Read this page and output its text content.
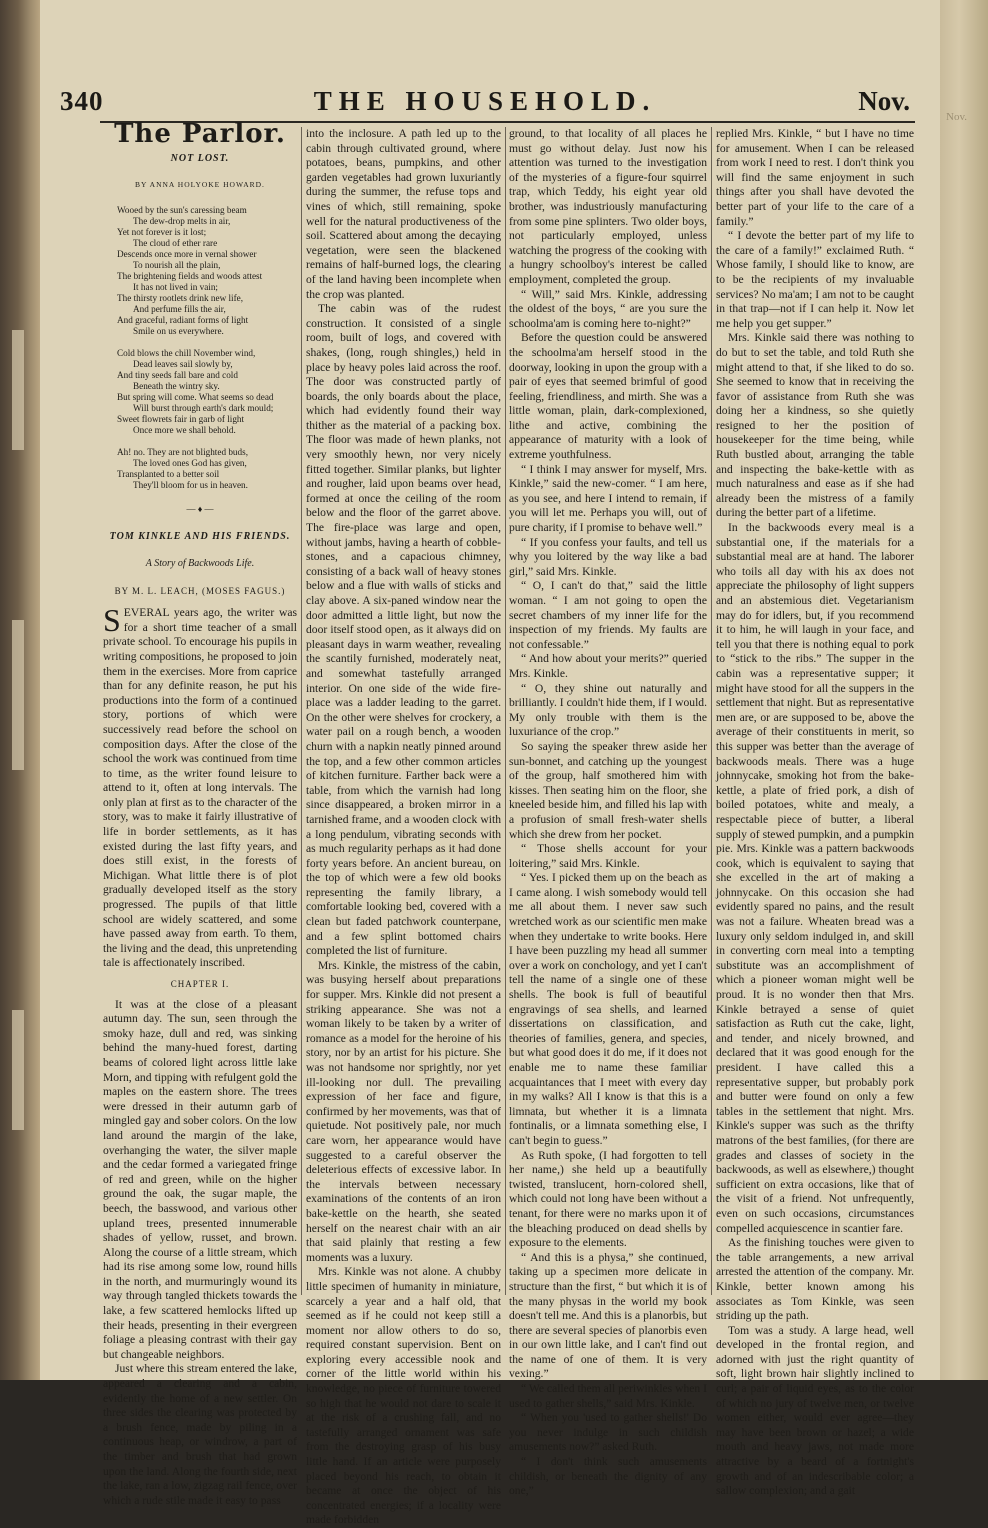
Nov.
340	THE HOUSEHOLD.	Nov.
The Parlor.
NOT LOST.
BY ANNA HOLYOKE HOWARD.
Wooed by the sun's caressing beam
The dew-drop melts in air,
Yet not forever is it lost;
The cloud of ether rare
Descends once more in vernal shower
To nourish all the plain,
The brightening fields and woods attest
It has not lived in vain;
The thirsty rootlets drink new life,
And perfume fills the air,
And graceful, radiant forms of light
Smile on us everywhere.
Cold blows the chill November wind,
Dead leaves sail slowly by,
And tiny seeds fall bare and cold
Beneath the wintry sky.
But spring will come. What seems so dead
Will burst through earth's dark mould;
Sweet flowrets fair in garb of light
Once more we shall behold.
Ah! no. They are not blighted buds,
The loved ones God has given,
Transplanted to a better soil
They'll bloom for us in heaven.
— ♦ —
TOM KINKLE AND HIS FRIENDS.
A Story of Backwoods Life.
BY M. L. LEACH, (MOSES FAGUS.)

SEVERAL years ago, the writer was for a short time teacher of a small private school. To encourage his pupils in writing compositions, he proposed to join them in the exercises. More from caprice than for any definite reason, he put his productions into the form of a continued story, portions of which were successively read before the school on composition days. After the close of the school the work was continued from time to time, as the writer found leisure to attend to it, often at long intervals. The only plan at first as to the character of the story, was to make it fairly illustrative of life in border settlements, as it has existed during the last fifty years, and does still exist, in the forests of Michigan. What little there is of plot gradually developed itself as the story progressed. The pupils of that little school are widely scattered, and some have passed away from earth. To them, the living and the dead, this unpretending tale is affectionately inscribed.

CHAPTER I.

It was at the close of a pleasant autumn day. The sun, seen through the smoky haze, dull and red, was sinking behind the many-hued forest, darting beams of colored light across little lake Morn, and tipping with refulgent gold the maples on the eastern shore. The trees were dressed in their autumn garb of mingled gay and sober colors. On the low land around the margin of the lake, overhanging the water, the silver maple and the cedar formed a variegated fringe of red and green, while on the higher ground the oak, the sugar maple, the beech, the basswood, and various other upland trees, presented innumerable shades of yellow, russet, and brown. Along the course of a little stream, which had its rise among some low, round hills in the north, and murmuringly wound its way through tangled thickets towards the lake, a few scattered hemlocks lifted up their heads, presenting in their evergreen foliage a pleasing contrast with their gay but changeable neighbors.

Just where this stream entered the lake, appeared a clearing and a cabin, evidently the home of a new settler. On three sides the clearing was protected by a brush fence, made by piling in a continuous heap, or windrow, a part of the timber and brush that had grown upon the land. Along the fourth side, next the lake, ran a low, zigzag rail fence, over which a rude stile made it easy to pass

into the inclosure. A path led up to the cabin through cultivated ground, where potatoes, beans, pumpkins, and other garden vegetables had grown luxuriantly during the summer, the refuse tops and vines of which, still remaining, spoke well for the natural productiveness of the soil. Scattered about among the decaying vegetation, were seen the blackened remains of half-burned logs, the clearing of the land having been incomplete when the crop was planted.

The cabin was of the rudest construction. It consisted of a single room, built of logs, and covered with shakes, (long, rough shingles,) held in place by heavy poles laid across the roof. The door was constructed partly of boards, the only boards about the place, which had evidently found their way thither as the material of a packing box. The floor was made of hewn planks, not very smoothly hewn, nor very nicely fitted together. Similar planks, but lighter and rougher, laid upon beams over head, formed at once the ceiling of the room below and the floor of the garret above. The fire-place was large and open, without jambs, having a hearth of cobble-stones, and a capacious chimney, consisting of a back wall of heavy stones below and a flue with walls of sticks and clay above. A six-paned window near the door admitted a little light, but now the door itself stood open, as it always did on pleasant days in warm weather, revealing the scantily furnished, moderately neat, and somewhat tastefully arranged interior. On one side of the wide fire-place was a ladder leading to the garret. On the other were shelves for crockery, a water pail on a rough bench, a wooden churn with a napkin neatly pinned around the top, and a few other common articles of kitchen furniture. Farther back were a table, from which the varnish had long since disappeared, a broken mirror in a tarnished frame, and a wooden clock with a long pendulum, vibrating seconds with as much regularity perhaps as it had done forty years before. An ancient bureau, on the top of which were a few old books representing the family library, a comfortable looking bed, covered with a clean but faded patchwork counterpane, and a few splint bottomed chairs completed the list of furniture.

Mrs. Kinkle, the mistress of the cabin, was busying herself about preparations for supper. Mrs. Kinkle did not present a striking appearance. She was not a woman likely to be taken by a writer of romance as a model for the heroine of his story, nor by an artist for his picture. She was not handsome nor sprightly, nor yet ill-looking nor dull. The prevailing expression of her face and figure, confirmed by her movements, was that of quietude. Not positively pale, nor much care worn, her appearance would have suggested to a careful observer the deleterious effects of excessive labor. In the intervals between necessary examinations of the contents of an iron bake-kettle on the hearth, she seated herself on the nearest chair with an air that said plainly that resting a few moments was a luxury.

Mrs. Kinkle was not alone. A chubby little specimen of humanity in miniature, scarcely a year and a half old, that seemed as if he could not keep still a moment nor allow others to do so, required constant supervision. Bent on exploring every accessible nook and corner of the little world within his knowledge, no piece of furniture towered so high that he would not dare to scale it at the risk of a crushing fall, and no tastefully arranged ornament was safe from the destroying grasp of his busy little hand. If an article were purposely placed beyond his reach, to obtain it became at once the object of his concentrated energies; if a locality were made forbidden

ground, to that locality of all places he must go without delay. Just now his attention was turned to the investigation of the mysteries of a figure-four squirrel trap, which Teddy, his eight year old brother, was industriously manufacturing from some pine splinters. Two older boys, not particularly employed, unless watching the progress of the cooking with a hungry schoolboy's interest be called employment, completed the group.

“ Will,” said Mrs. Kinkle, addressing the oldest of the boys, “ are you sure the schoolma'am is coming here to-night?”

Before the question could be answered the schoolma'am herself stood in the doorway, looking in upon the group with a pair of eyes that seemed brimful of good feeling, friendliness, and mirth. She was a little woman, plain, dark-complexioned, lithe and active, combining the appearance of maturity with a look of extreme youthfulness.

“ I think I may answer for myself, Mrs. Kinkle,” said the new-comer. “ I am here, as you see, and here I intend to remain, if you will let me. Perhaps you will, out of pure charity, if I promise to behave well.”

“ If you confess your faults, and tell us why you loitered by the way like a bad girl,” said Mrs. Kinkle.

“ O, I can't do that,” said the little woman. “ I am not going to open the secret chambers of my inner life for the inspection of my friends. My faults are not confessable.”

“ And how about your merits?” queried Mrs. Kinkle.

“ O, they shine out naturally and brilliantly. I couldn't hide them, if I would. My only trouble with them is the luxuriance of the crop.”

So saying the speaker threw aside her sun-bonnet, and catching up the youngest of the group, half smothered him with kisses. Then seating him on the floor, she kneeled beside him, and filled his lap with a profusion of small fresh-water shells which she drew from her pocket.

“ Those shells account for your loitering,” said Mrs. Kinkle.

“ Yes. I picked them up on the beach as I came along. I wish somebody would tell me all about them. I never saw such wretched work as our scientific men make when they undertake to write books. Here I have been puzzling my head all summer over a work on conchology, and yet I can't tell the name of a single one of these shells. The book is full of beautiful engravings of sea shells, and learned dissertations on classification, and theories of families, genera, and species, but what good does it do me, if it does not enable me to name these familiar acquaintances that I meet with every day in my walks? All I know is that this is a limnata, but whether it is a limnata fontinalis, or a limnata something else, I can't begin to guess.”

As Ruth spoke, (I had forgotten to tell her name,) she held up a beautifully twisted, translucent, horn-colored shell, which could not long have been without a tenant, for there were no marks upon it of the bleaching produced on dead shells by exposure to the elements.

“ And this is a physa,” she continued, taking up a specimen more delicate in structure than the first, “ but which it is of the many physas in the world my book doesn't tell me. And this is a planorbis, but there are several species of planorbis even in our own little lake, and I can't find out the name of one of them. It is very vexing.”

“ We called them all periwinkles when I used to gather shells,” said Mrs. Kinkle.

“ When you 'used to gather shells!' Do you never indulge in such childish amusements now?” asked Ruth.

“ I don't think such amusements childish, or beneath the dignity of any one,”

replied Mrs. Kinkle, “ but I have no time for amusement. When I can be released from work I need to rest. I don't think you will find the same enjoyment in such things after you shall have devoted the better part of your life to the care of a family.”

“ I devote the better part of my life to the care of a family!” exclaimed Ruth. “ Whose family, I should like to know, are to be the recipients of my invaluable services? No ma'am; I am not to be caught in that trap—not if I can help it. Now let me help you get supper.”

Mrs. Kinkle said there was nothing to do but to set the table, and told Ruth she might attend to that, if she liked to do so. She seemed to know that in receiving the favor of assistance from Ruth she was doing her a kindness, so she quietly resigned to her the position of housekeeper for the time being, while Ruth bustled about, arranging the table and inspecting the bake-kettle with as much naturalness and ease as if she had already been the mistress of a family during the better part of a lifetime.

In the backwoods every meal is a substantial one, if the materials for a substantial meal are at hand. The laborer who toils all day with his ax does not appreciate the philosophy of light suppers and an abstemious diet. Vegetarianism may do for idlers, but, if you recommend it to him, he will laugh in your face, and tell you that there is nothing equal to pork to “stick to the ribs.” The supper in the cabin was a representative supper; it might have stood for all the suppers in the settlement that night. But as representative men are, or are supposed to be, above the average of their constituents in merit, so this supper was better than the average of backwoods meals. There was a huge johnnycake, smoking hot from the bake-kettle, a plate of fried pork, a dish of boiled potatoes, white and mealy, a respectable piece of butter, a liberal supply of stewed pumpkin, and a pumpkin pie. Mrs. Kinkle was a pattern backwoods cook, which is equivalent to saying that she excelled in the art of making a johnnycake. On this occasion she had evidently spared no pains, and the result was not a failure. Wheaten bread was a luxury only seldom indulged in, and skill in converting corn meal into a tempting substitute was an accomplishment of which a pioneer woman might well be proud. It is no wonder then that Mrs. Kinkle betrayed a sense of quiet satisfaction as Ruth cut the cake, light, and tender, and nicely browned, and declared that it was good enough for the president. I have called this a representative supper, but probably pork and butter were found on only a few tables in the settlement that night. Mrs. Kinkle's supper was such as the thrifty matrons of the best families, (for there are grades and classes of society in the backwoods, as well as elsewhere,) thought sufficient on extra occasions, like that of the visit of a friend. Not unfrequently, even on such occasions, circumstances compelled acquiescence in scantier fare.

As the finishing touches were given to the table arrangements, a new arrival arrested the attention of the company. Mr. Kinkle, better known among his associates as Tom Kinkle, was seen striding up the path.

Tom was a study. A large head, well developed in the frontal region, and adorned with just the right quantity of soft, light brown hair slightly inclined to curl; a pair of liquid eyes, as to the color of which no jury of twelve men, or twelve women either, would ever agree—they may have been brown or hazel; a wide mouth and heavy jaws, not made more attractive by a beard of a fortnight's growth and of an indescribable color; a sallow complexion; and a gait
